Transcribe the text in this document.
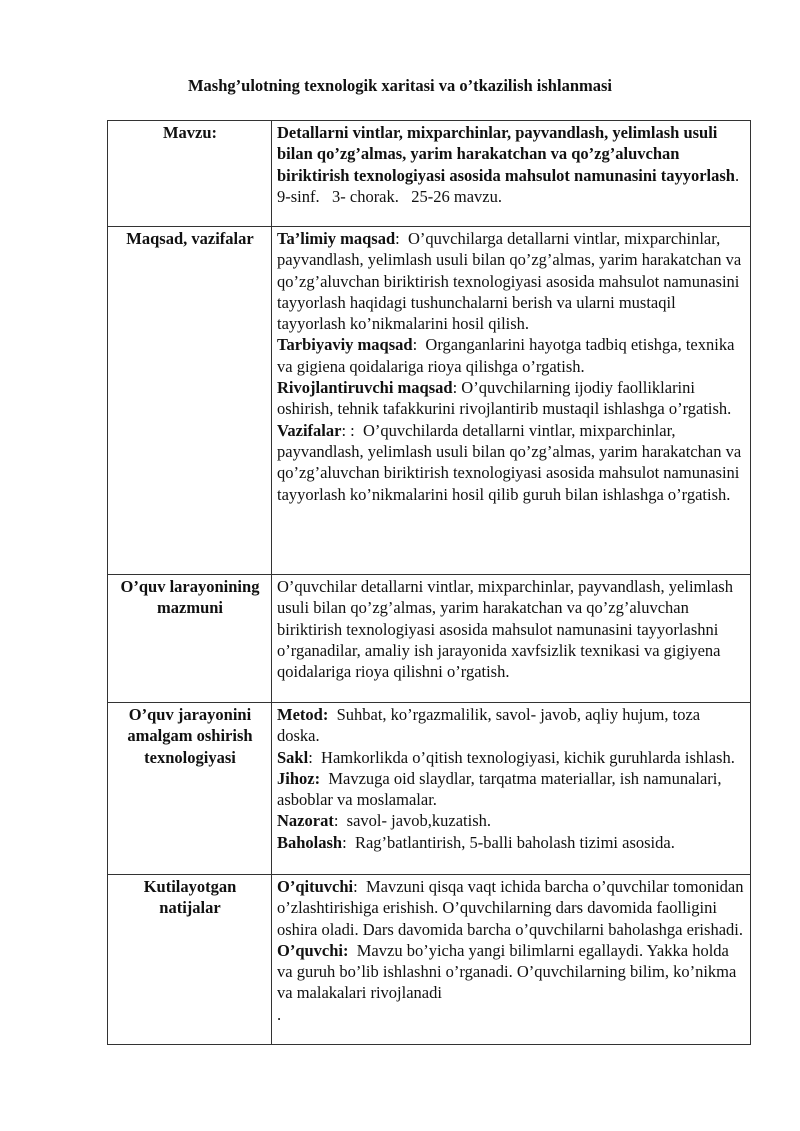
Mashg’ulotning texnologik xaritasi va o’tkazilish ishlanmasi
Mavzu:	Detallarni vintlar, mixparchinlar, payvandlash, yelimlash usuli bilan qo’zg’almas, yarim harakatchan va qo’zg’aluvchan biriktirish texnologiyasi asosida mahsulot namunasini tayyorlash.
9-sinf.   3- chorak.   25-26 mavzu.
Maqsad, vazifalar	Ta’limiy maqsad:  O’quvchilarga detallarni vintlar, mixparchinlar, payvandlash, yelimlash usuli bilan qo’zg’almas, yarim harakatchan va qo’zg’aluvchan biriktirish texnologiyasi asosida mahsulot namunasini tayyorlash haqidagi tushunchalarni berish va ularni mustaqil tayyorlash ko’nikmalarini hosil qilish.

Tarbiyaviy maqsad:  Organganlarini hayotga tadbiq etishga, texnika va gigiena qoidalariga rioya qilishga o’rgatish.

Rivojlantiruvchi maqsad: O’quvchilarning ijodiy faolliklarini oshirish, tehnik tafakkurini rivojlantirib mustaqil ishlashga o’rgatish.

Vazifalar: :  O’quvchilarda detallarni vintlar, mixparchinlar, payvandlash, yelimlash usuli bilan qo’zg’almas, yarim harakatchan va qo’zg’aluvchan biriktirish texnologiyasi asosida mahsulot namunasini tayyorlash ko’nikmalarini hosil qilib guruh bilan ishlashga o’rgatish.

O’quv larayonining mazmuni	O’quvchilar detallarni vintlar, mixparchinlar, payvandlash, yelimlash usuli bilan qo’zg’almas, yarim harakatchan va qo’zg’aluvchan biriktirish texnologiyasi asosida mahsulot namunasini tayyorlashni o’rganadilar, amaliy ish jarayonida xavfsizlik texnikasi va gigiyena qoidalariga rioya qilishni o’rgatish.
O’quv jarayonini amalgam oshirish texnologiyasi	Metod: Suhbat, ko’rgazmalilik, savol- javob, aqliy hujum, toza doska.

Sakl:  Hamkorlikda o’qitish texnologiyasi, kichik guruhlarda ishlash.

Jihoz: Mavzuga oid slaydlar, tarqatma materiallar, ish namunalari, asboblar va moslamalar.

Nazorat:  savol- javob,kuzatish.

Baholash:  Rag’batlantirish, 5-balli baholash tizimi asosida.

Kutilayotgan natijalar	O’qituvchi:  Mavzuni qisqa vaqt ichida barcha o’quvchilar tomonidan o’zlashtirishiga erishish. O’quvchilarning dars davomida faolligini oshira oladi. Dars davomida barcha o’quvchilarni baholashga erishadi.

O’quvchi: Mavzu bo’yicha yangi bilimlarni egallaydi. Yakka holda va guruh bo’lib ishlashni o’rganadi. O’quvchilarning bilim, ko’nikma va malakalari rivojlanadi

.
